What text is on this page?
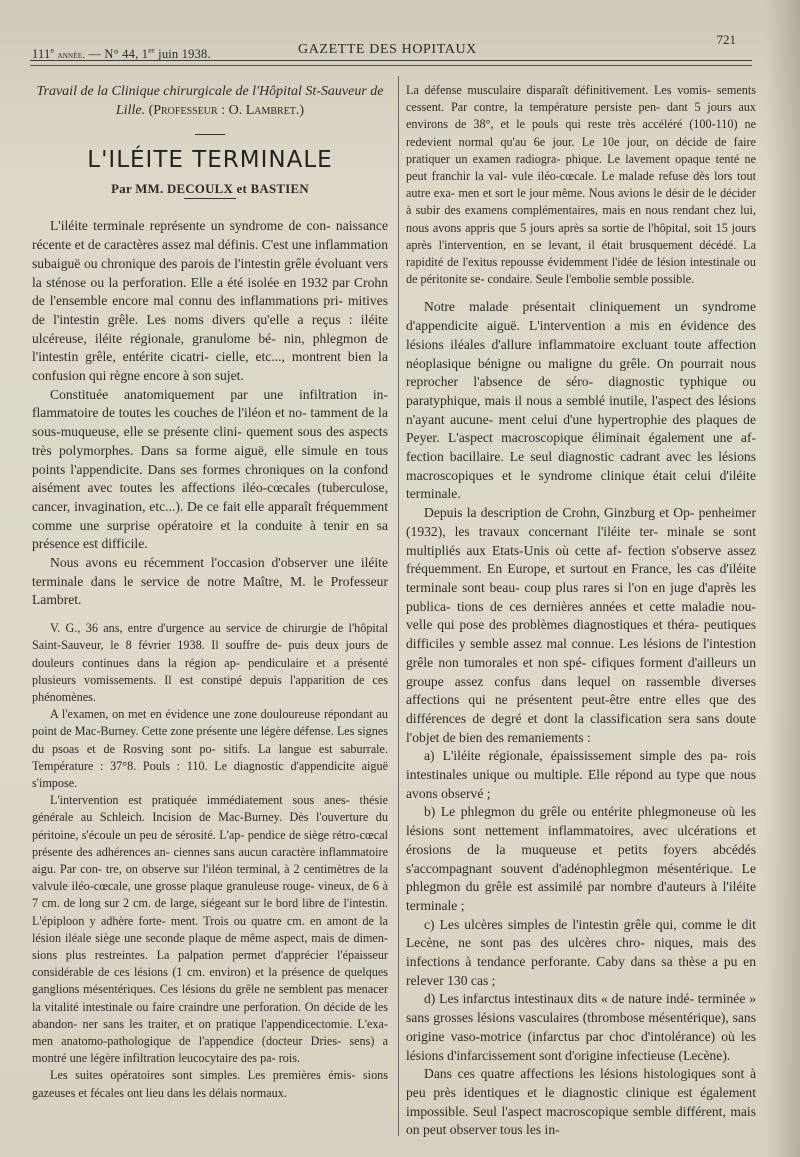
111e année. — N° 44, 1er juin 1938.	GAZETTE DES HOPITAUX
721

Travail de la Clinique chirurgicale de l'Hôpital St-Sauveur de Lille. (Professeur : O. Lambret.)

L'ILÉITE TERMINALE

Par MM. DECOULX et BASTIEN

L'iléite terminale représente un syndrome de con- naissance récente et de caractères assez mal définis. C'est une inflammation subaiguë ou chronique des parois de l'intestin grêle évoluant vers la sténose ou la perforation. Elle a été isolée en 1932 par Crohn de l'ensemble encore mal connu des inflammations pri- mitives de l'intestin grêle. Les noms divers qu'elle a reçus : iléite ulcéreuse, iléite régionale, granulome bé- nin, phlegmon de l'intestin grêle, entérite cicatri- cielle, etc..., montrent bien la confusion qui règne encore à son sujet.

Constituée anatomiquement par une infiltration in- flammatoire de toutes les couches de l'iléon et no- tamment de la sous-muqueuse, elle se présente clini- quement sous des aspects très polymorphes. Dans sa forme aiguë, elle simule en tous points l'appendicite. Dans ses formes chroniques on la confond aisément avec toutes les affections iléo-cœcales (tuberculose, cancer, invagination, etc...). De ce fait elle apparaît fréquemment comme une surprise opératoire et la conduite à tenir en sa présence est difficile.

Nous avons eu récemment l'occasion d'observer une iléite terminale dans le service de notre Maître, M. le Professeur Lambret.

V. G., 36 ans, entre d'urgence au service de chirurgie de l'hôpital Saint-Sauveur, le 8 février 1938. Il souffre de- puis deux jours de douleurs continues dans la région ap- pendiculaire et a présenté plusieurs vomissements. Il est constipé depuis l'apparition de ces phénomènes.

A l'examen, on met en évidence une zone douloureuse répondant au point de Mac-Burney. Cette zone présente une légère défense. Les signes du psoas et de Rosving sont po- sitifs. La langue est saburrale. Température : 37°8. Pouls : 110. Le diagnostic d'appendicite aiguë s'impose.

L'intervention est pratiquée immédiatement sous anes- thésie générale au Schleich. Incision de Mac-Burney. Dès l'ouverture du péritoine, s'écoule un peu de sérosité. L'ap- pendice de siège rétro-cœcal présente des adhérences an- ciennes sans aucun caractère inflammatoire aigu. Par con- tre, on observe sur l'iléon terminal, à 2 centimètres de la valvule iléo-cœcale, une grosse plaque granuleuse rouge- vineux, de 6 à 7 cm. de long sur 2 cm. de large, siégeant sur le bord libre de l'intestin. L'épiploon y adhère forte- ment. Trois ou quatre cm. en amont de la lésion iléale siège une seconde plaque de même aspect, mais de dimen- sions plus restreintes. La palpation permet d'apprécier l'épaisseur considérable de ces lésions (1 cm. environ) et la présence de quelques ganglions mésentériques. Ces lésions du grêle ne semblent pas menacer la vitalité intestinale ou faire craindre une perforation. On décide de les abandon- ner sans les traiter, et on pratique l'appendicectomie. L'exa- men anatomo-pathologique de l'appendice (docteur Dries- sens) a montré une légère infiltration leucocytaire des pa- rois.

Les suites opératoires sont simples. Les premières émis- sions gazeuses et fécales ont lieu dans les délais normaux.

La défense musculaire disparaît définitivement. Les vomis- sements cessent. Par contre, la température persiste pen- dant 5 jours aux environs de 38°, et le pouls qui reste très accéléré (100-110) ne redevient normal qu'au 6e jour. Le 10e jour, on décide de faire pratiquer un examen radiogra- phique. Le lavement opaque tenté ne peut franchir la val- vule iléo-cœcale. Le malade refuse dès lors tout autre exa- men et sort le jour même. Nous avions le désir de le décider à subir des examens complémentaires, mais en nous rendant chez lui, nous avons appris que 5 jours après sa sortie de l'hôpital, soit 15 jours après l'intervention, en se levant, il était brusquement décédé. La rapidité de l'exitus repousse évidemment l'idée de lésion intestinale ou de péritonite se- condaire. Seule l'embolie semble possible.

Notre malade présentait cliniquement un syndrome d'appendicite aiguë. L'intervention a mis en évidence des lésions iléales d'allure inflammatoire excluant toute affection néoplasique bénigne ou maligne du grêle. On pourrait nous reprocher l'absence de séro- diagnostic typhique ou paratyphique, mais il nous a semblé inutile, l'aspect des lésions n'ayant aucune- ment celui d'une hypertrophie des plaques de Peyer. L'aspect macroscopique éliminait également une af- fection bacillaire. Le seul diagnostic cadrant avec les lésions macroscopiques et le syndrome clinique était celui d'iléite terminale.

Depuis la description de Crohn, Ginzburg et Op- penheimer (1932), les travaux concernant l'iléite ter- minale se sont multipliés aux Etats-Unis où cette af- fection s'observe assez fréquemment. En Europe, et surtout en France, les cas d'iléite terminale sont beau- coup plus rares si l'on en juge d'après les publica- tions de ces dernières années et cette maladie nou- velle qui pose des problèmes diagnostiques et théra- peutiques difficiles y semble assez mal connue. Les lésions de l'intestion grêle non tumorales et non spé- cifiques forment d'ailleurs un groupe assez confus dans lequel on rassemble diverses affections qui ne présentent peut-être entre elles que des différences de degré et dont la classification sera sans doute l'objet de bien des remaniements :

a) L'iléite régionale, épaississement simple des pa- rois intestinales unique ou multiple. Elle répond au type que nous avons observé ;

b) Le phlegmon du grêle ou entérite phlegmoneuse où les lésions sont nettement inflammatoires, avec ulcérations et érosions de la muqueuse et petits foyers abcédés s'accompagnant souvent d'adénophlegmon mésentérique. Le phlegmon du grêle est assimilé par nombre d'auteurs à l'iléite terminale ;

c) Les ulcères simples de l'intestin grêle qui, comme le dit Lecène, ne sont pas des ulcères chro- niques, mais des infections à tendance perforante. Caby dans sa thèse a pu en relever 130 cas ;

d) Les infarctus intestinaux dits « de nature indé- terminée » sans grosses lésions vasculaires (thrombose mésentérique), sans origine vaso-motrice (infarctus par choc d'intolérance) où les lésions d'infarcissement sont d'origine infectieuse (Lecène).

Dans ces quatre affections les lésions histologiques sont à peu près identiques et le diagnostic clinique est également impossible. Seul l'aspect macroscopique semble différent, mais on peut observer tous les in-
